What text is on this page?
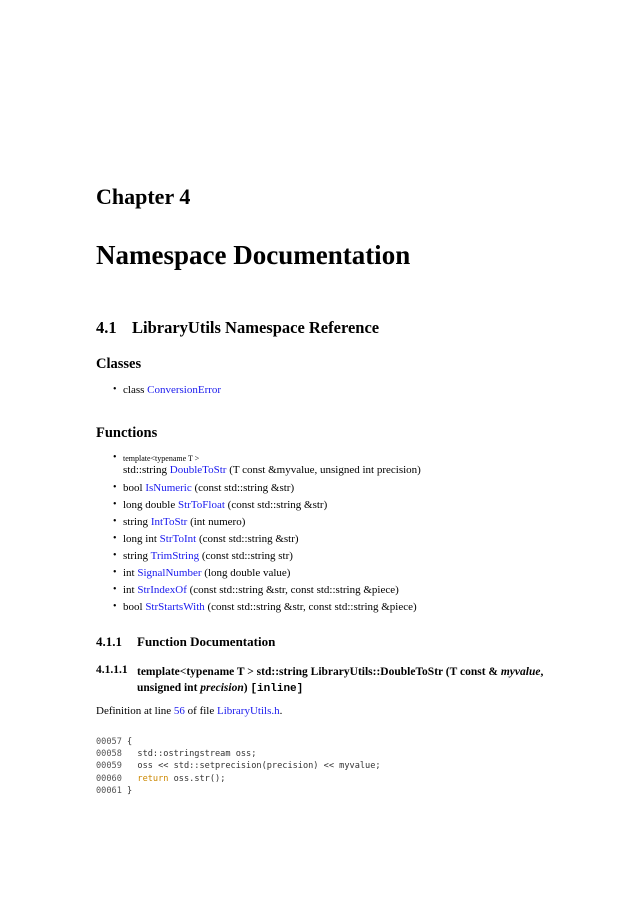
Chapter 4
Namespace Documentation
4.1 LibraryUtils Namespace Reference
Classes
• class ConversionError
Functions
• template<typename T >
std::string DoubleToStr (T const &myvalue, unsigned int precision)
• bool IsNumeric (const std::string &str)
• long double StrToFloat (const std::string &str)
• string IntToStr (int numero)
• long int StrToInt (const std::string &str)
• string TrimString (const std::string str)
• int SignalNumber (long double value)
• int StrIndexOf (const std::string &str, const std::string &piece)
• bool StrStartsWith (const std::string &str, const std::string &piece)
4.1.1 Function Documentation
4.1.1.1 template<typename T > std::string LibraryUtils::DoubleToStr (T const & myvalue,
unsigned int precision) [inline]
Definition at line 56 of file LibraryUtils.h.
00057 {
00058   std::ostringstream oss;
00059   oss << std::setprecision(precision) << myvalue;
00060 return oss.str();
00061 }
